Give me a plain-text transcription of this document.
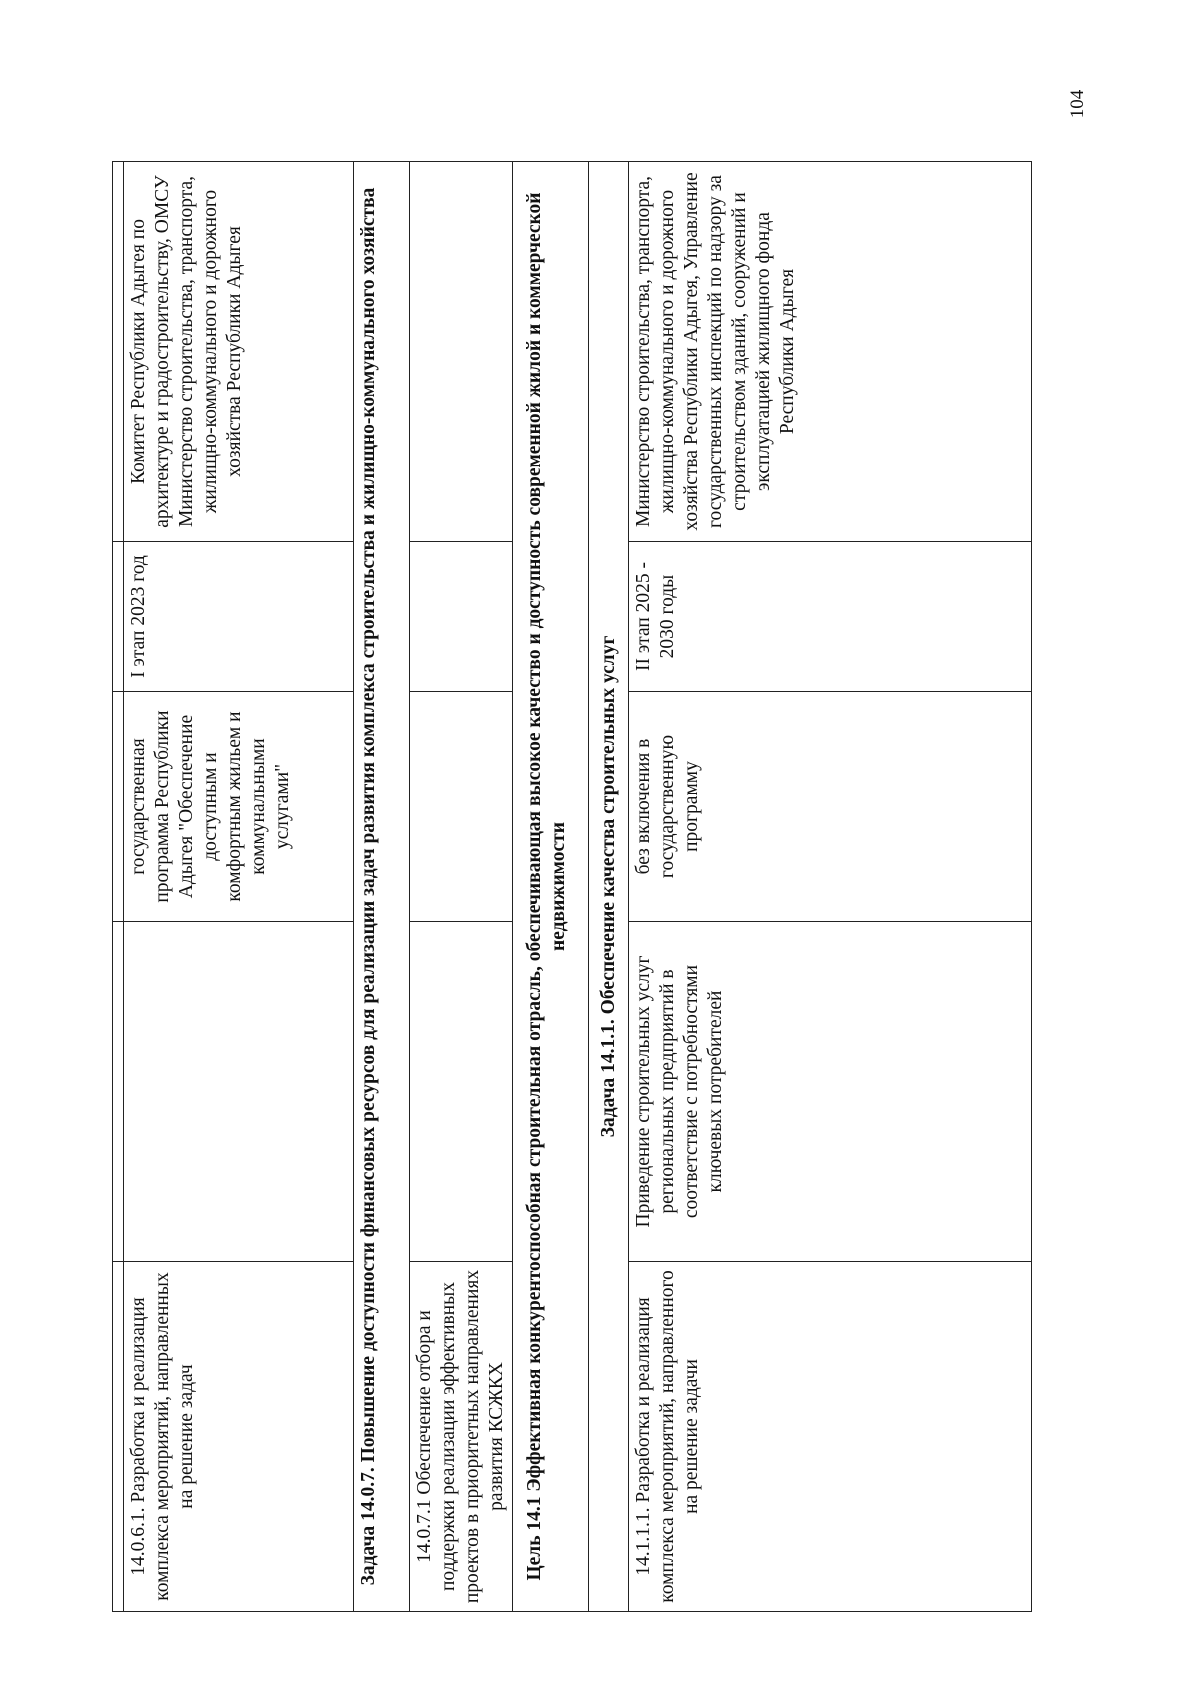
104

14.0.6.1. Разработка и реализация комплекса мероприятий, направленных на решение задач		государственная программа Республики Адыгея "Обеспечение доступным и комфортным жильем и коммунальными услугами"	I этап 2023 год	Комитет Республики Адыгея по архитектуре и градостроительству, ОМСУ Министерство строительства, транспорта, жилищно-коммунального и дорожного хозяйства Республики Адыгея
Задача 14.0.7. Повышение доступности финансовых ресурсов для реализации задач развития комплекса строительства и жилищно-коммунального хозяйства				
14.0.7.1 Обеспечение отбора и поддержки реализации эффективных проектов в приоритетных направлениях развития КСЖКХ				
Цель 14.1 Эффективная конкурентоспособная строительная отрасль, обеспечивающая высокое качество и доступность современной жилой и коммерческой недвижимости				
Задача 14.1.1. Обеспечение качества строительных услуг				
14.1.1.1. Разработка и реализация комплекса мероприятий, направленного на решение задачи	Приведение строительных услуг региональных предприятий в соответствие с потребностями ключевых потребителей	без включения в государственную программу	II этап 2025 - 2030 годы	Министерство строительства, транспорта, жилищно-коммунального и дорожного хозяйства Республики Адыгея, Управление государственных инспекций по надзору за строительством зданий, сооружений и эксплуатацией жилищного фонда Республики Адыгея
